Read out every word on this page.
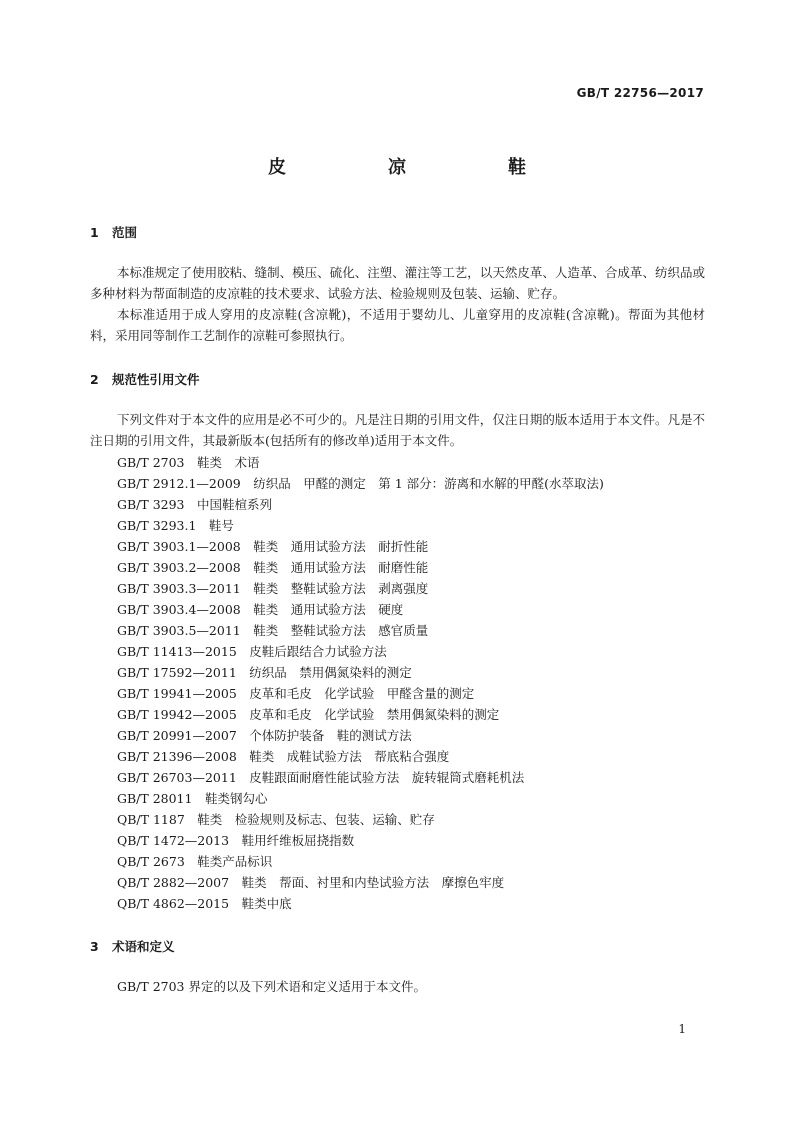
GB/T 22756—2017
皮　凉　鞋
1 范围

本标准规定了使用胶粘、缝制、模压、硫化、注塑、灌注等工艺，以天然皮革、人造革、合成革、纺织品或多种材料为帮面制造的皮凉鞋的技术要求、试验方法、检验规则及包装、运输、贮存。

本标准适用于成人穿用的皮凉鞋(含凉靴)，不适用于婴幼儿、儿童穿用的皮凉鞋(含凉靴)。帮面为其他材料，采用同等制作工艺制作的凉鞋可参照执行。

2 规范性引用文件

下列文件对于本文件的应用是必不可少的。凡是注日期的引用文件，仅注日期的版本适用于本文件。凡是不注日期的引用文件，其最新版本(包括所有的修改单)适用于本文件。

GB/T 2703　鞋类　术语
GB/T 2912.1—2009　纺织品　甲醛的测定　第 1 部分：游离和水解的甲醛(水萃取法)
GB/T 3293　中国鞋楦系列
GB/T 3293.1　鞋号
GB/T 3903.1—2008　鞋类　通用试验方法　耐折性能
GB/T 3903.2—2008　鞋类　通用试验方法　耐磨性能
GB/T 3903.3—2011　鞋类　整鞋试验方法　剥离强度
GB/T 3903.4—2008　鞋类　通用试验方法　硬度
GB/T 3903.5—2011　鞋类　整鞋试验方法　感官质量
GB/T 11413—2015　皮鞋后跟结合力试验方法
GB/T 17592—2011　纺织品　禁用偶氮染料的测定
GB/T 19941—2005　皮革和毛皮　化学试验　甲醛含量的测定
GB/T 19942—2005　皮革和毛皮　化学试验　禁用偶氮染料的测定
GB/T 20991—2007　个体防护装备　鞋的测试方法
GB/T 21396—2008　鞋类　成鞋试验方法　帮底粘合强度
GB/T 26703—2011　皮鞋跟面耐磨性能试验方法　旋转辊筒式磨耗机法
GB/T 28011　鞋类钢勾心
QB/T 1187　鞋类　检验规则及标志、包装、运输、贮存
QB/T 1472—2013　鞋用纤维板屈挠指数
QB/T 2673　鞋类产品标识
QB/T 2882—2007　鞋类　帮面、衬里和内垫试验方法　摩擦色牢度
QB/T 4862—2015　鞋类中底
3 术语和定义

GB/T 2703 界定的以及下列术语和定义适用于本文件。

1
